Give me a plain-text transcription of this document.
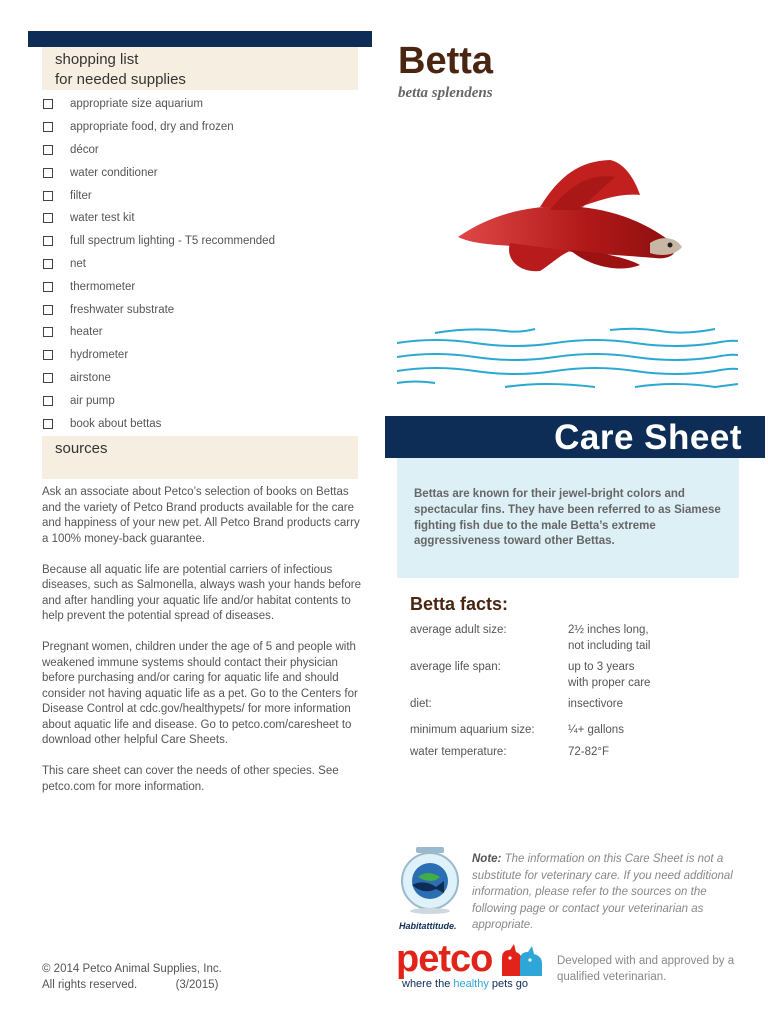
shopping list
for needed supplies
appropriate size aquarium
appropriate food, dry and frozen
décor
water conditioner
filter
water test kit
full spectrum lighting - T5 recommended
net
thermometer
freshwater substrate
heater
hydrometer
airstone
air pump
book about bettas
sources

Ask an associate about Petco’s selection of books on Bettas and the variety of Petco Brand products available for the care and happiness of your new pet. All Petco Brand products carry a 100% money-back guarantee.

Because all aquatic life are potential carriers of infectious diseases, such as Salmonella, always wash your hands before and after handling your aquatic life and/or habitat contents to help prevent the potential spread of diseases.

Pregnant women, children under the age of 5 and people with weakened immune systems should contact their physician before purchasing and/or caring for aquatic life and should consider not having aquatic life as a pet. Go to the Centers for Disease Control at cdc.gov/healthypets/ for more information about aquatic life and disease. Go to petco.com/caresheet to download other helpful Care Sheets.

This care sheet can cover the needs of other species. See petco.com for more information.

© 2014 Petco Animal Supplies, Inc.
All rights reserved.	(3/2015)
Betta
betta splendens
Care Sheet
Bettas are known for their jewel-bright colors and spectacular fins. They have been referred to as Siamese fighting fish due to the male Betta’s extreme aggressiveness toward other Bettas.
Betta facts:
average adult size:	2½ inches long,
not including tail
average life span:	up to 3 years
with proper care
diet:	insectivore
minimum aquarium size:	¼+ gallons
water temperature:	72-82°F
Habitattitude.
Note: The information on this Care Sheet is not a substitute for veterinary care. If you need additional information, please refer to the sources on the following page or contact your veterinarian as appropriate.
petco
where the healthy pets go
Developed with and approved by a qualified veterinarian.
